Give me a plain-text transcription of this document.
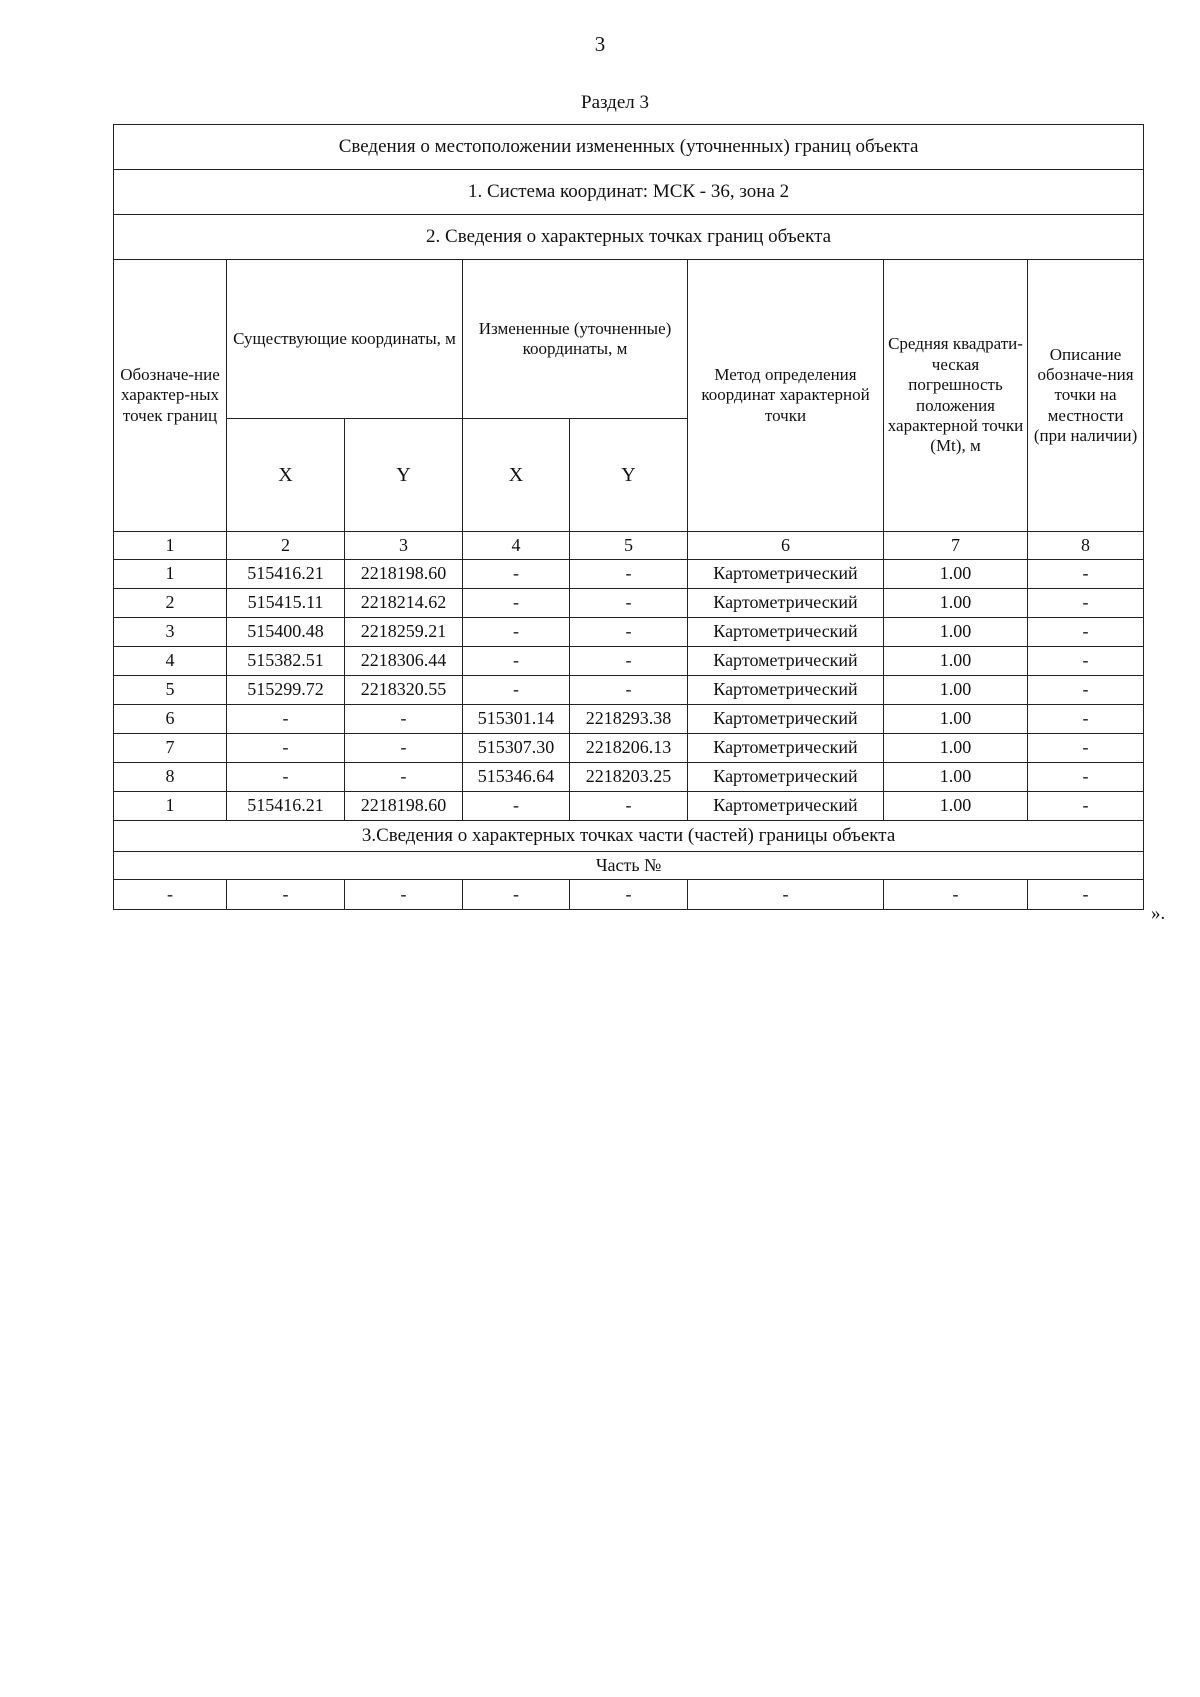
3
Раздел 3
Сведения о местоположении измененных (уточненных) границ объекта							
1. Система координат: МСК - 36, зона 2							
2. Сведения о характерных точках границ объекта							
Обозначе-ние характер-ных точек границ	Существующие координаты, м		Измененные (уточненные) координаты, м		Метод определения координат характерной точки	Средняя квадрати-ческая погрешность положения характерной точки (Mt), м	Описание обозначе-ния точки на местности (при наличии)
	X	Y	X	Y			
1	2	3	4	5	6	7	8
1	515416.21	2218198.60	-	-	Картометрический	1.00	-
2	515415.11	2218214.62	-	-	Картометрический	1.00	-
3	515400.48	2218259.21	-	-	Картометрический	1.00	-
4	515382.51	2218306.44	-	-	Картометрический	1.00	-
5	515299.72	2218320.55	-	-	Картометрический	1.00	-
6	-	-	515301.14	2218293.38	Картометрический	1.00	-
7	-	-	515307.30	2218206.13	Картометрический	1.00	-
8	-	-	515346.64	2218203.25	Картометрический	1.00	-
1	515416.21	2218198.60	-	-	Картометрический	1.00	-
3.Сведения о характерных точках части (частей) границы объекта							
Часть №							
-	-	-	-	-	-	-	-
».
